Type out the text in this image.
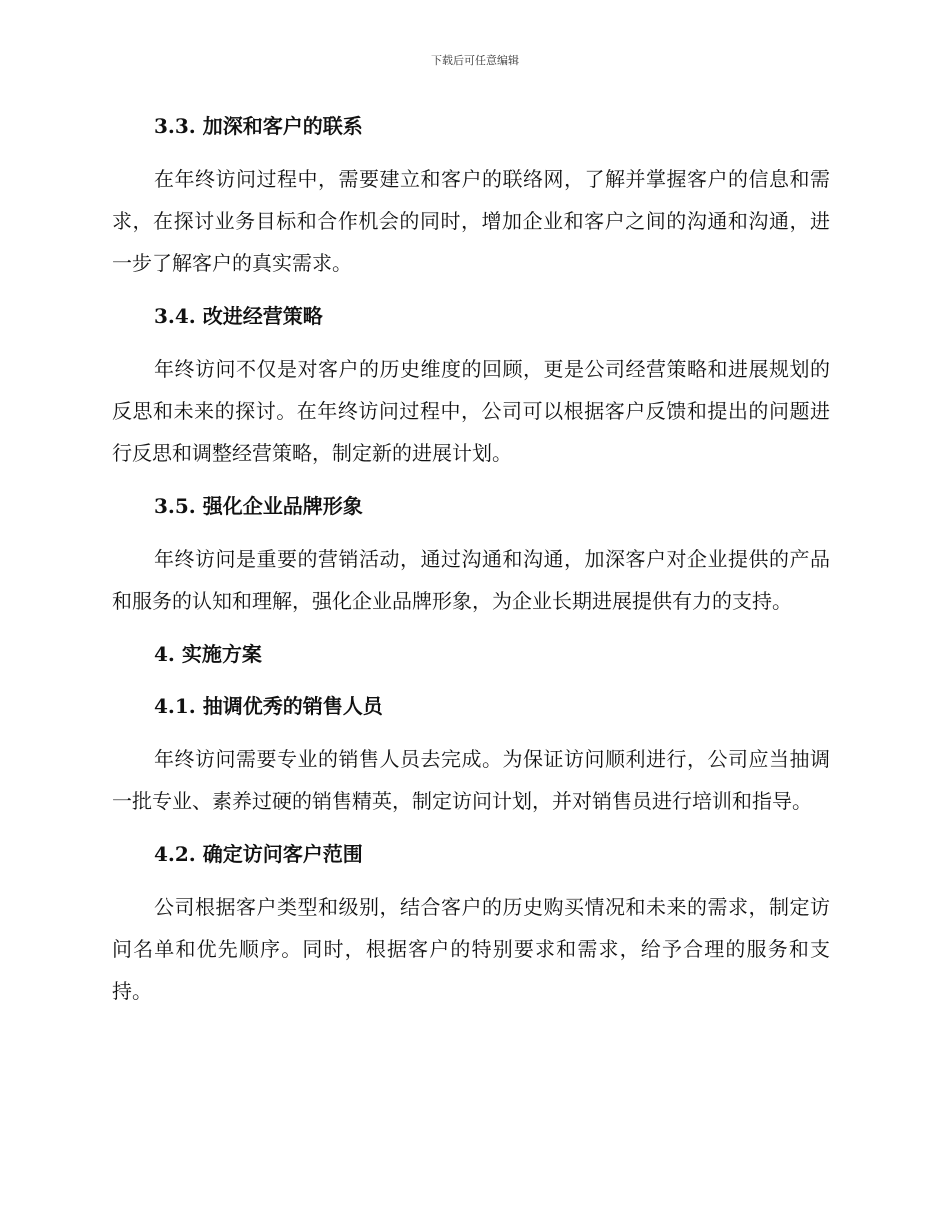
下载后可任意编辑
3.3. 加深和客户的联系

在年终访问过程中，需要建立和客户的联络网，了解并掌握客户的信息和需求，在探讨业务目标和合作机会的同时，增加企业和客户之间的沟通和沟通，进一步了解客户的真实需求。

3.4. 改进经营策略

年终访问不仅是对客户的历史维度的回顾，更是公司经营策略和进展规划的反思和未来的探讨。在年终访问过程中，公司可以根据客户反馈和提出的问题进行反思和调整经营策略，制定新的进展计划。

3.5. 强化企业品牌形象

年终访问是重要的营销活动，通过沟通和沟通，加深客户对企业提供的产品和服务的认知和理解，强化企业品牌形象，为企业长期进展提供有力的支持。

4. 实施方案
4.1. 抽调优秀的销售人员

年终访问需要专业的销售人员去完成。为保证访问顺利进行，公司应当抽调一批专业、素养过硬的销售精英，制定访问计划，并对销售员进行培训和指导。

4.2. 确定访问客户范围

公司根据客户类型和级别，结合客户的历史购买情况和未来的需求，制定访问名单和优先顺序。同时，根据客户的特别要求和需求，给予合理的服务和支持。
